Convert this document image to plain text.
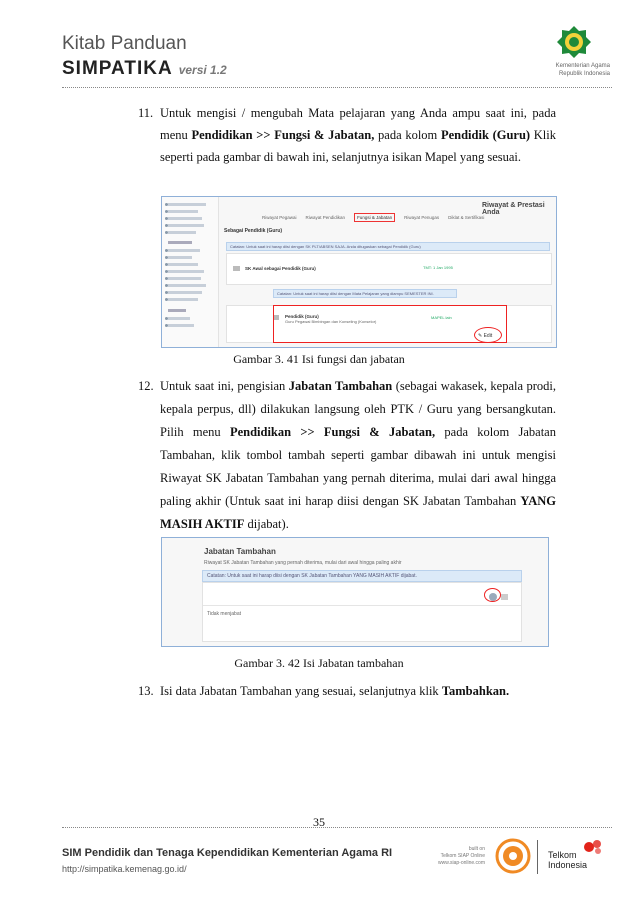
Kitab Panduan
SIMPATIKA versi 1.2	Kementerian Agama
Republik Indonesia
11. Untuk mengisi / mengubah Mata pelajaran yang Anda ampu saat ini, pada menu Pendidikan >> Fungsi & Jabatan, pada kolom Pendidik (Guru) Klik seperti pada gambar di bawah ini, selanjutnya isikan Mapel yang sesuai.
Riwayat & Prestasi Anda
Riwayat Pegawai Riwayat Pendidikan	Fungsi & Jabatan	Riwayat Penugas Diklat & Sertifikasi
Sebagai Pendidik (Guru)
Catatan: Untuk saat ini harap diisi dengan SK PLT/ABSEN SAJA. Anda ditugaskan sebagai Pendidik (Guru)
SK Awal sebagai Pendidik (Guru)	TMT: 1 Jan 1995
Catatan: Untuk saat ini harap diisi dengan Mata Pelajaran yang diampu SEMESTER INI.
Pendidik (Guru)
Guru Pegawai Bimbingan dan Konseling (Konselor)
MAPEL lain
✎ Edit
Gambar 3. 41 Isi fungsi dan jabatan
12. Untuk saat ini, pengisian Jabatan Tambahan (sebagai wakasek, kepala prodi, kepala perpus, dll) dilakukan langsung oleh PTK / Guru yang bersangkutan. Pilih menu Pendidikan >> Fungsi & Jabatan, pada kolom Jabatan Tambahan, klik tombol tambah seperti gambar dibawah ini untuk mengisi Riwayat SK Jabatan Tambahan yang pernah diterima, mulai dari awal hingga paling akhir (Untuk saat ini harap diisi dengan SK Jabatan Tambahan YANG MASIH AKTIF dijabat).
Jabatan Tambahan
Riwayat SK Jabatan Tambahan yang pernah diterima, mulai dari awal hingga paling akhir
Catatan: Untuk saat ini harap diisi dengan SK Jabatan Tambahan YANG MASIH AKTIF dijabat.
Tidak menjabat
Gambar 3. 42 Isi Jabatan tambahan
13. Isi data Jabatan Tambahan yang sesuai, selanjutnya klik Tambahkan.
35
SIM Pendidik dan Tenaga Kependidikan Kementerian Agama RI
http://simpatika.kemenag.go.id/
built on
Telkom SIAP Online
www.siap-online.com
Telkom
Indonesia
